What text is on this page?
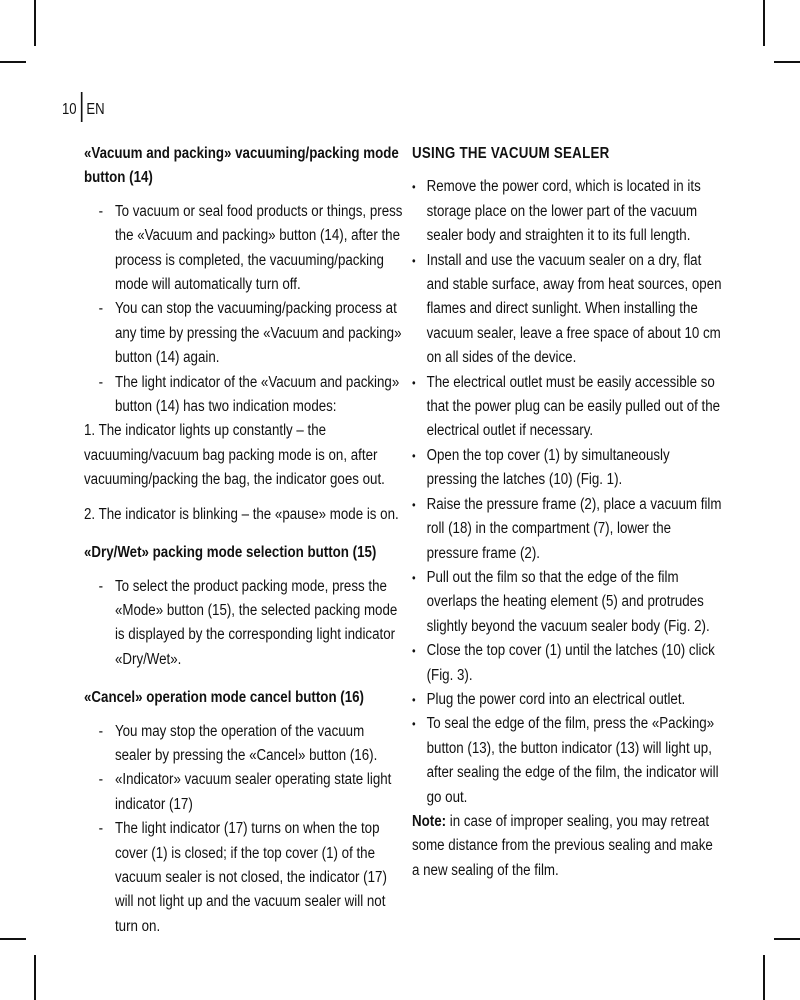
10 EN
«Vacuum and packing» vacuuming/packing mode button (14)
- To vacuum or seal food products or things, press the «Vacuum and packing» button (14), after the process is completed, the vacuuming/packing mode will automatically turn off.
- You can stop the vacuuming/packing process at any time by pressing the «Vacuum and packing» button (14) again.
- The light indicator of the «Vacuum and packing» button (14) has two indication modes:

1. The indicator lights up constantly – the vacuuming/vacuum bag packing mode is on, after vacuuming/packing the bag, the indicator goes out.

2. The indicator is blinking – the «pause» mode is on.

«Dry/Wet» packing mode selection button (15)
- To select the product packing mode, press the «Mode» button (15), the selected packing mode is displayed by the corresponding light indicator «Dry/Wet».
«Cancel» operation mode cancel button (16)
- You may stop the operation of the vacuum sealer by pressing the «Cancel» button (16).
- «Indicator» vacuum sealer operating state light indicator (17)
- The light indicator (17) turns on when the top cover (1) is closed; if the top cover (1) of the vacuum sealer is not closed, the indicator (17) will not light up and the vacuum sealer will not turn on.
USING THE VACUUM SEALER
• Remove the power cord, which is located in its storage place on the lower part of the vacuum sealer body and straighten it to its full length.
• Install and use the vacuum sealer on a dry, flat and stable surface, away from heat sources, open flames and direct sunlight. When installing the vacuum sealer, leave a free space of about 10 cm on all sides of the device.
• The electrical outlet must be easily accessible so that the power plug can be easily pulled out of the electrical outlet if necessary.
• Open the top cover (1) by simultaneously pressing the latches (10) (Fig. 1).
• Raise the pressure frame (2), place a vacuum film roll (18) in the compartment (7), lower the pressure frame (2).
• Pull out the film so that the edge of the film overlaps the heating element (5) and protrudes slightly beyond the vacuum sealer body (Fig. 2).
• Close the top cover (1) until the latches (10) click (Fig. 3).
• Plug the power cord into an electrical outlet.
• To seal the edge of the film, press the «Packing» button (13), the button indicator (13) will light up, after sealing the edge of the film, the indicator will go out.

Note: in case of improper sealing, you may retreat some distance from the previous sealing and make a new sealing of the film.
